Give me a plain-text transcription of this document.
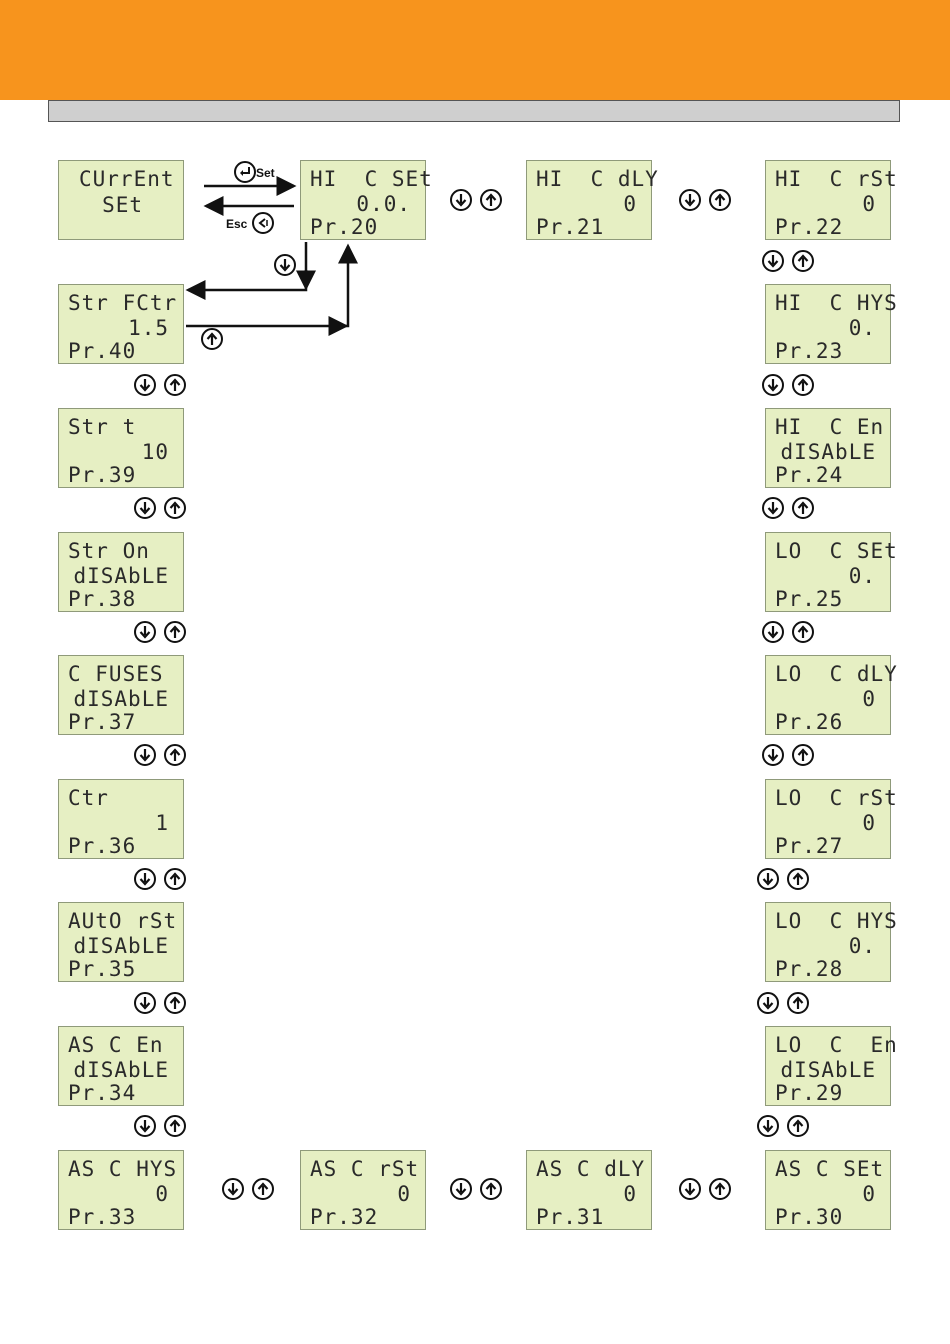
CUrrEnt
SEt
HI  C SEt
0.0.
Pr.20
HI  C dLY
0
Pr.21
HI  C rSt
0
Pr.22
Str FCtr
1.5
Pr.40
HI  C HYS
0.
Pr.23
Str t
10
Pr.39
HI  C En
dISAbLE
Pr.24
Str On
dISAbLE
Pr.38
LO  C SEt
0.
Pr.25
C FUSES
dISAbLE
Pr.37
LO  C dLY
0
Pr.26
Ctr
1
Pr.36
LO  C rSt
0
Pr.27
AUtO rSt
dISAbLE
Pr.35
LO  C HYS
0.
Pr.28
AS C En
dISAbLE
Pr.34
LO  C  En
dISAbLE
Pr.29
AS C HYS
0
Pr.33
AS C rSt
0
Pr.32
AS C dLY
0
Pr.31
AS C SEt
0
Pr.30
Set
Esc
